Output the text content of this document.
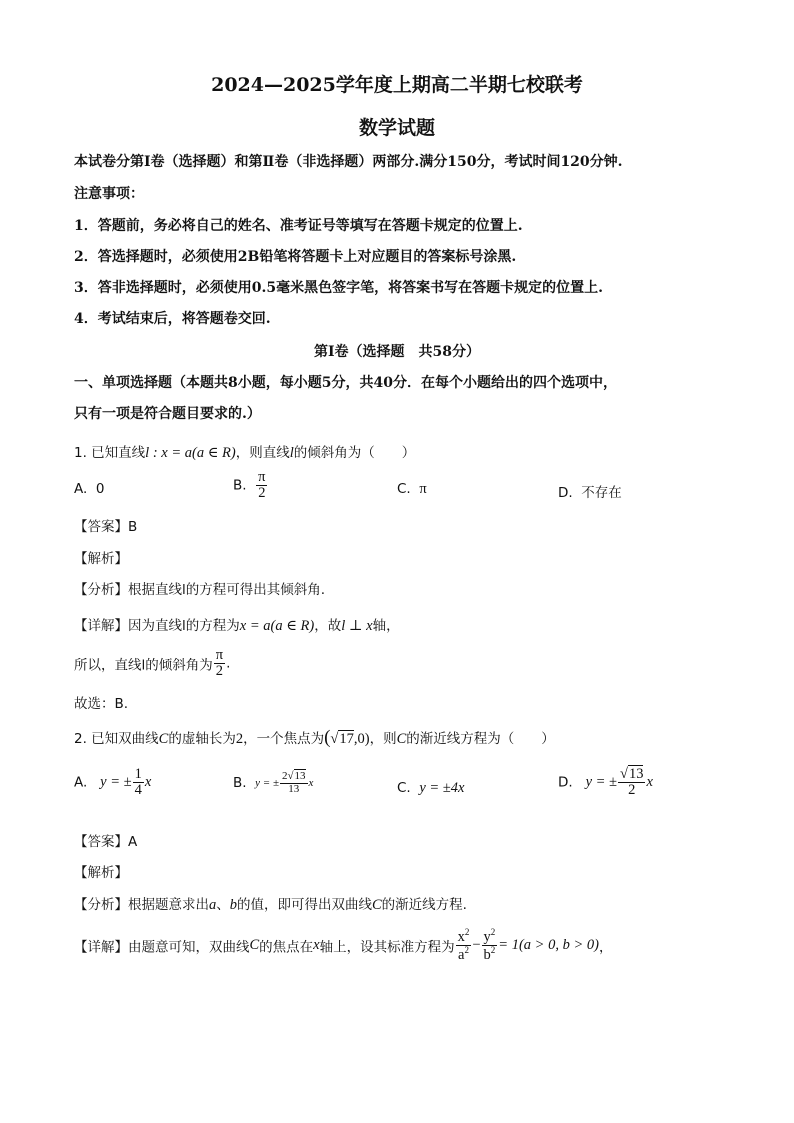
2024—2025学年度上期高二半期七校联考
数学试题
本试卷分第Ⅰ卷（选择题）和第Ⅱ卷（非选择题）两部分.满分150分，考试时间120分钟.
注意事项：
1．答题前，务必将自己的姓名、准考证号等填写在答题卡规定的位置上.
2．答选择题时，必须使用2B铅笔将答题卡上对应题目的答案标号涂黑.
3．答非选择题时，必须使用0.5毫米黑色签字笔，将答案书写在答题卡规定的位置上.
4．考试结束后，将答题卷交回.
第Ⅰ卷（选择题　共58分）
一、单项选择题（本题共8小题，每小题5分，共40分．在每个小题给出的四个选项中，
只有一项是符合题目要求的.）
1. 已知直线l : x = a(a ∈ R)，则直线l的倾斜角为（　　）
A. 0	B. $\frac{\pi}{2}$	C. π	D. 不存在
【答案】B
【解析】
【分析】根据直线l的方程可得出其倾斜角.
【详解】因为直线l的方程为x = a(a ∈ R)，故l ⊥ x轴，
所以，直线l的倾斜角为 $\frac{\pi}{2}$ .
故选：B.
2. 已知双曲线C的虚轴长为2，一个焦点为(√17,0)，则C的渐近线方程为（　　）
A. y = ± $\frac{1}{4}$ x	B. y = ± $\frac{2√13}{13}$ x	C. y = ±4x	D. y = ± $\frac{√13}{2}$ x
【答案】A
【解析】
【分析】根据题意求出a、b的值，即可得出双曲线C的渐近线方程.
【详解】由题意可知，双曲线C的焦点在x轴上，设其标准方程为 $\frac{x^2}{a^2} - \frac{y^2}{b^2} = 1(a > 0$, b > 0)，
